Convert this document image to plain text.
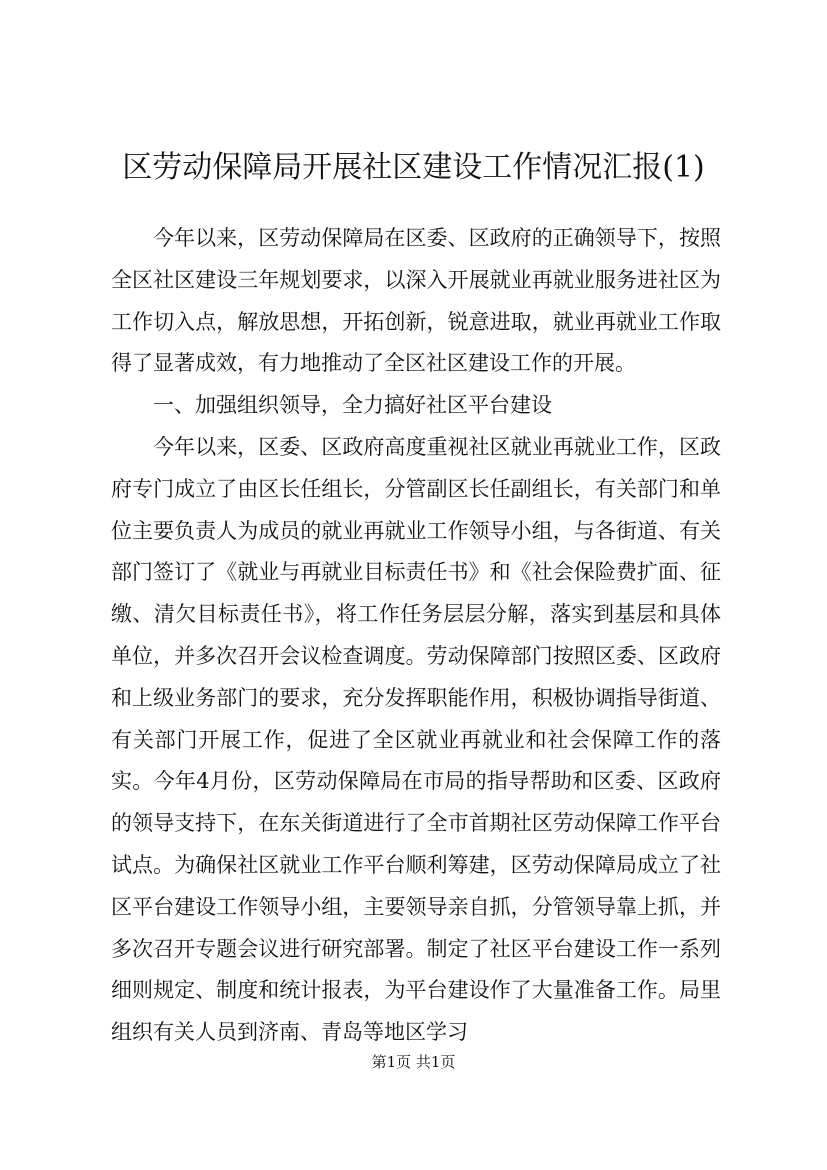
区劳动保障局开展社区建设工作情况汇报(1)

今年以来，区劳动保障局在区委、区政府的正确领导下，按照全区社区建设三年规划要求，以深入开展就业再就业服务进社区为工作切入点，解放思想，开拓创新，锐意进取，就业再就业工作取得了显著成效，有力地推动了全区社区建设工作的开展。

一、加强组织领导，全力搞好社区平台建设

今年以来，区委、区政府高度重视社区就业再就业工作，区政府专门成立了由区长任组长，分管副区长任副组长，有关部门和单位主要负责人为成员的就业再就业工作领导小组，与各街道、有关部门签订了《就业与再就业目标责任书》和《社会保险费扩面、征缴、清欠目标责任书》，将工作任务层层分解，落实到基层和具体单位，并多次召开会议检查调度。劳动保障部门按照区委、区政府和上级业务部门的要求，充分发挥职能作用，积极协调指导街道、有关部门开展工作，促进了全区就业再就业和社会保障工作的落实。今年4月份，区劳动保障局在市局的指导帮助和区委、区政府的领导支持下，在东关街道进行了全市首期社区劳动保障工作平台试点。为确保社区就业工作平台顺利筹建，区劳动保障局成立了社区平台建设工作领导小组，主要领导亲自抓，分管领导靠上抓，并多次召开专题会议进行研究部署。制定了社区平台建设工作一系列细则规定、制度和统计报表，为平台建设作了大量准备工作。局里组织有关人员到济南、青岛等地区学习

第1页 共1页
